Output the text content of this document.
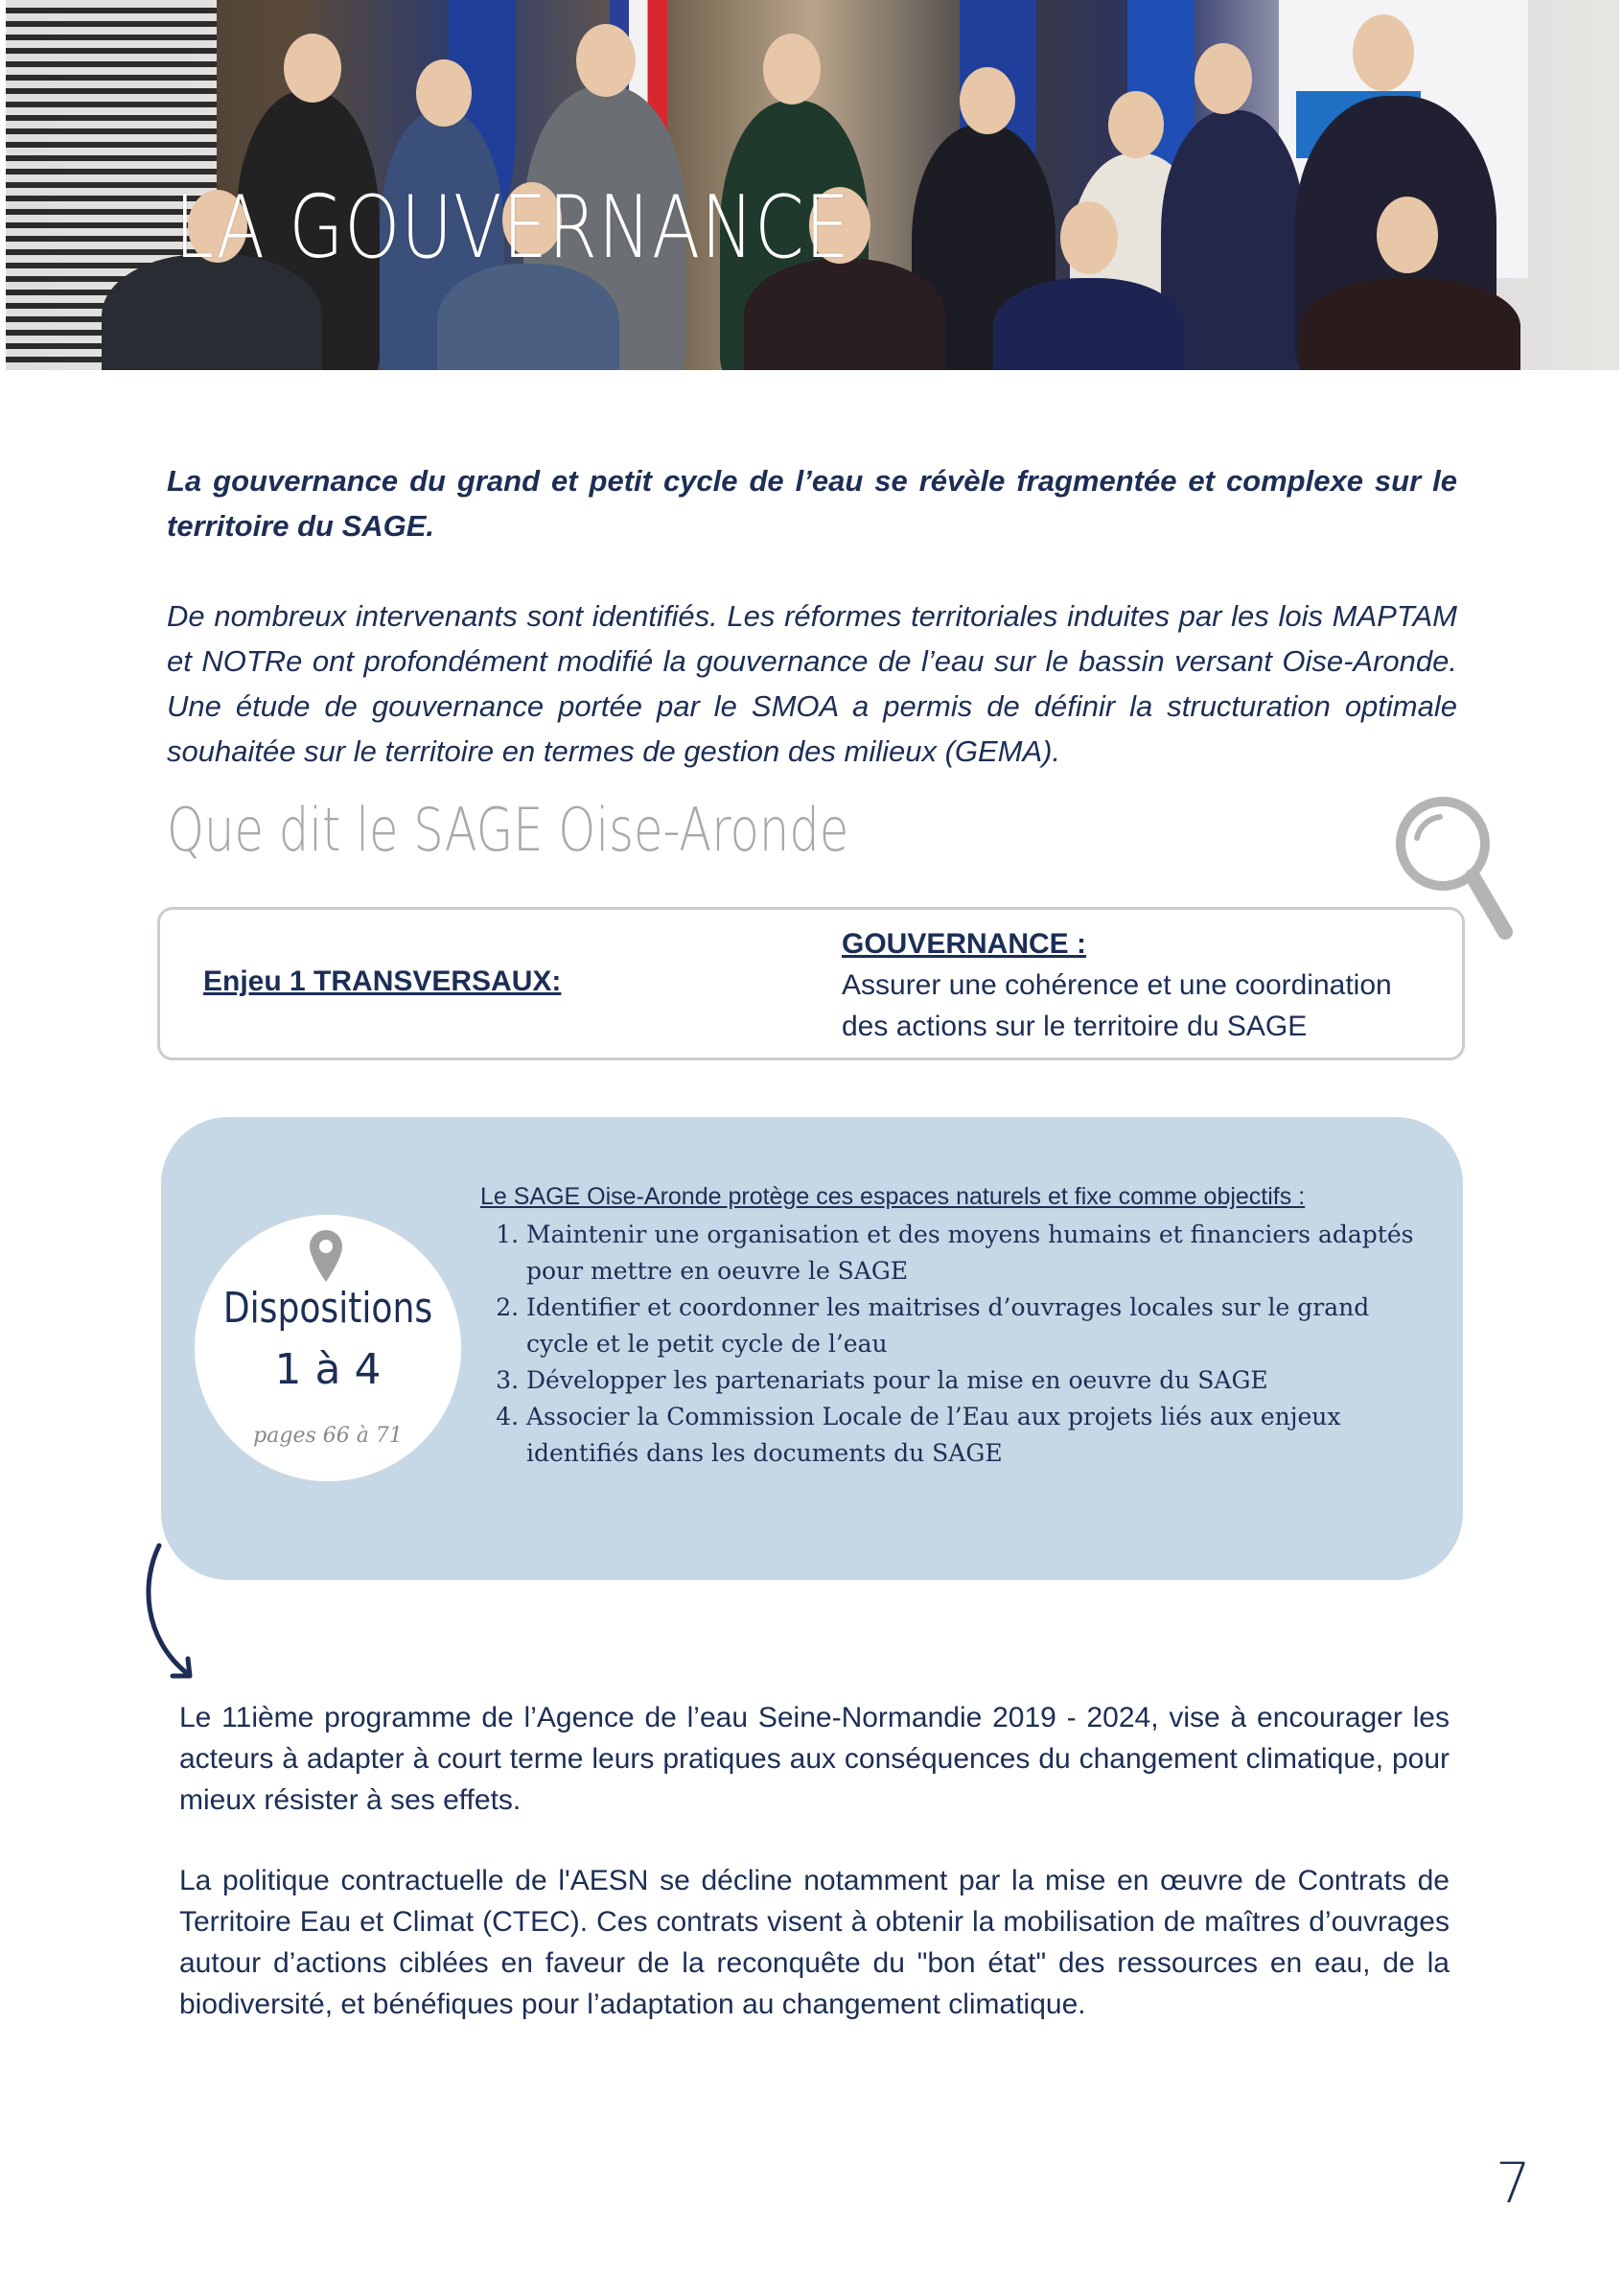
LA GOUVERNANCE

La gouvernance du grand et petit cycle de l’eau se révèle fragmentée et complexe sur le territoire du SAGE.

De nombreux intervenants sont identifiés. Les réformes territoriales induites par les lois MAPTAM et NOTRe ont profondément modifié la gouvernance de l’eau sur le bassin versant Oise-Aronde. Une étude de gouvernance portée par le SMOA a permis de définir la structuration optimale souhaitée sur le territoire en termes de gestion des milieux (GEMA).

Que dit le SAGE Oise-Aronde

Enjeu 1 TRANSVERSAUX:

GOUVERNANCE :

Assurer une cohérence et une coordination des actions sur le territoire du SAGE

Dispositions

1 à 4

pages 66 à 71

Le SAGE Oise-Aronde protège ces espaces naturels et fixe comme objectifs :

1. Maintenir une organisation et des moyens humains et financiers adaptés pour mettre en oeuvre le SAGE
2. Identifier et coordonner les maitrises d’ouvrages locales sur le grand cycle et le petit cycle de l’eau
3. Développer les partenariats pour la mise en oeuvre du SAGE
4. Associer la Commission Locale de l’Eau aux projets liés aux enjeux identifiés dans les documents du SAGE

Le 11ième programme de l’Agence de l’eau Seine-Normandie 2019 - 2024, vise à encourager les acteurs à adapter à court terme leurs pratiques aux conséquences du changement climatique, pour mieux résister à ses effets.

La politique contractuelle de l'AESN se décline notamment par la mise en œuvre de Contrats de Territoire Eau et Climat (CTEC). Ces contrats visent à obtenir la mobilisation de maîtres d’ouvrages autour d’actions ciblées en faveur de la reconquête du "bon état" des ressources en eau, de la biodiversité, et bénéfiques pour l’adaptation au changement climatique.

7
